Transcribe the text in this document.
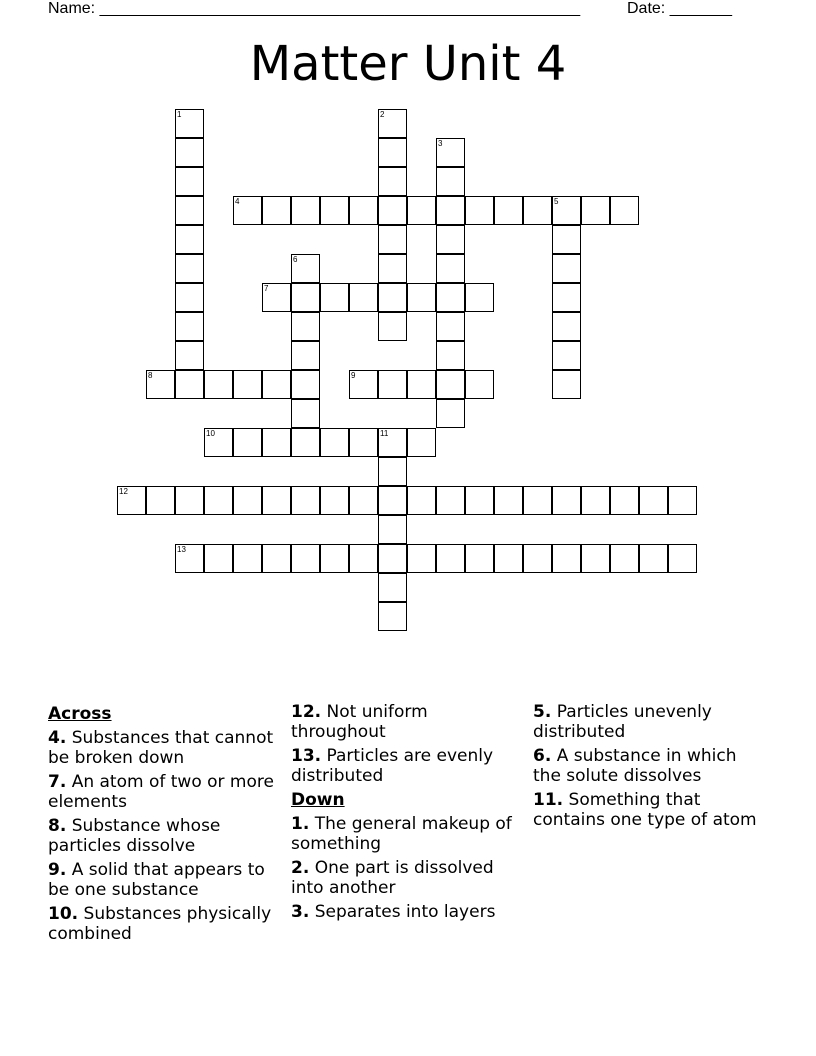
Name: ______________________________________________________	Date: _______
Matter Unit 4
1	2
3
4	5
6
7
8	9
10	11
12
13
Across
4. Substances that cannot be broken down
7. An atom of two or more elements
8. Substance whose particles dissolve
9. A solid that appears to be one substance
10. Substances physically combined
12. Not uniform throughout
13. Particles are evenly distributed
Down
1. The general makeup of something
2. One part is dissolved into another
3. Separates into layers
5. Particles unevenly distributed
6. A substance in which the solute dissolves
11. Something that contains one type of atom
